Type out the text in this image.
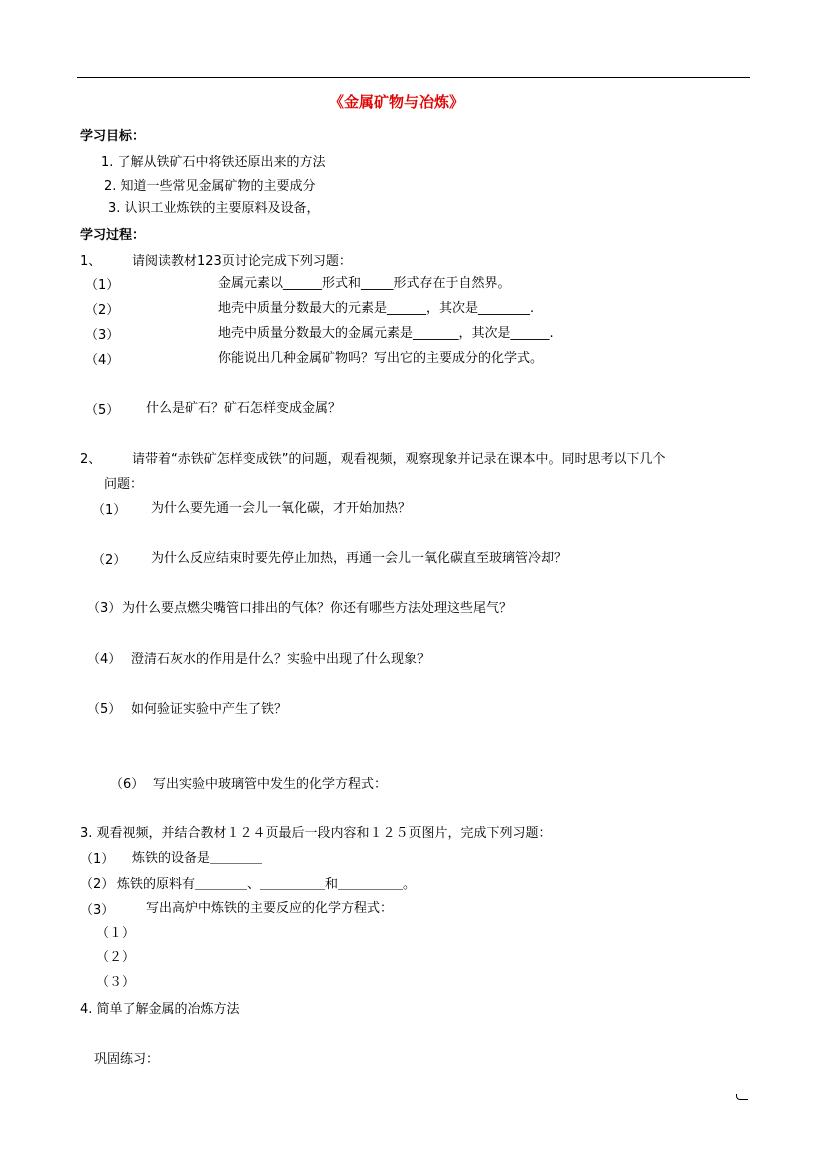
《金属矿物与冶炼》
学习目标：
1. 了解从铁矿石中将铁还原出来的方法
2. 知道一些常见金属矿物的主要成分
3. 认识工业炼铁的主要原料及设备，
学习过程：
1、 请阅读教材123页讨论完成下列习题：
（1）	金属元素以______形式和_____形式存在于自然界。
（2）	地壳中质量分数最大的元素是______，其次是________.
（3）	地壳中质量分数最大的金属元素是_______，其次是______.
（4）	你能说出几种金属矿物吗？写出它的主要成分的化学式。
（5） 什么是矿石？矿石怎样变成金属？
2、 请带着“赤铁矿怎样变成铁”的问题，观看视频，观察现象并记录在课本中。同时思考以下几个
问题：
（1） 为什么要先通一会儿一氧化碳，才开始加热？
（2） 为什么反应结束时要先停止加热，再通一会儿一氧化碳直至玻璃管冷却？
（3） 为什么要点燃尖嘴管口排出的气体？你还有哪些方法处理这些尾气？
（4） 澄清石灰水的作用是什么？实验中出现了什么现象？
（5） 如何验证实验中产生了铁？
（6） 写出实验中玻璃管中发生的化学方程式：
3. 观看视频，并结合教材１２４页最后一段内容和１２５页图片，完成下列习题：
（1） 炼铁的设备是＿＿＿＿
（2） 炼铁的原料有＿＿＿＿、＿＿＿＿＿和＿＿＿＿＿。
（3） 写出高炉中炼铁的主要反应的化学方程式：
（１）
（２）
（３）
4. 简单了解金属的冶炼方法
巩固练习：
